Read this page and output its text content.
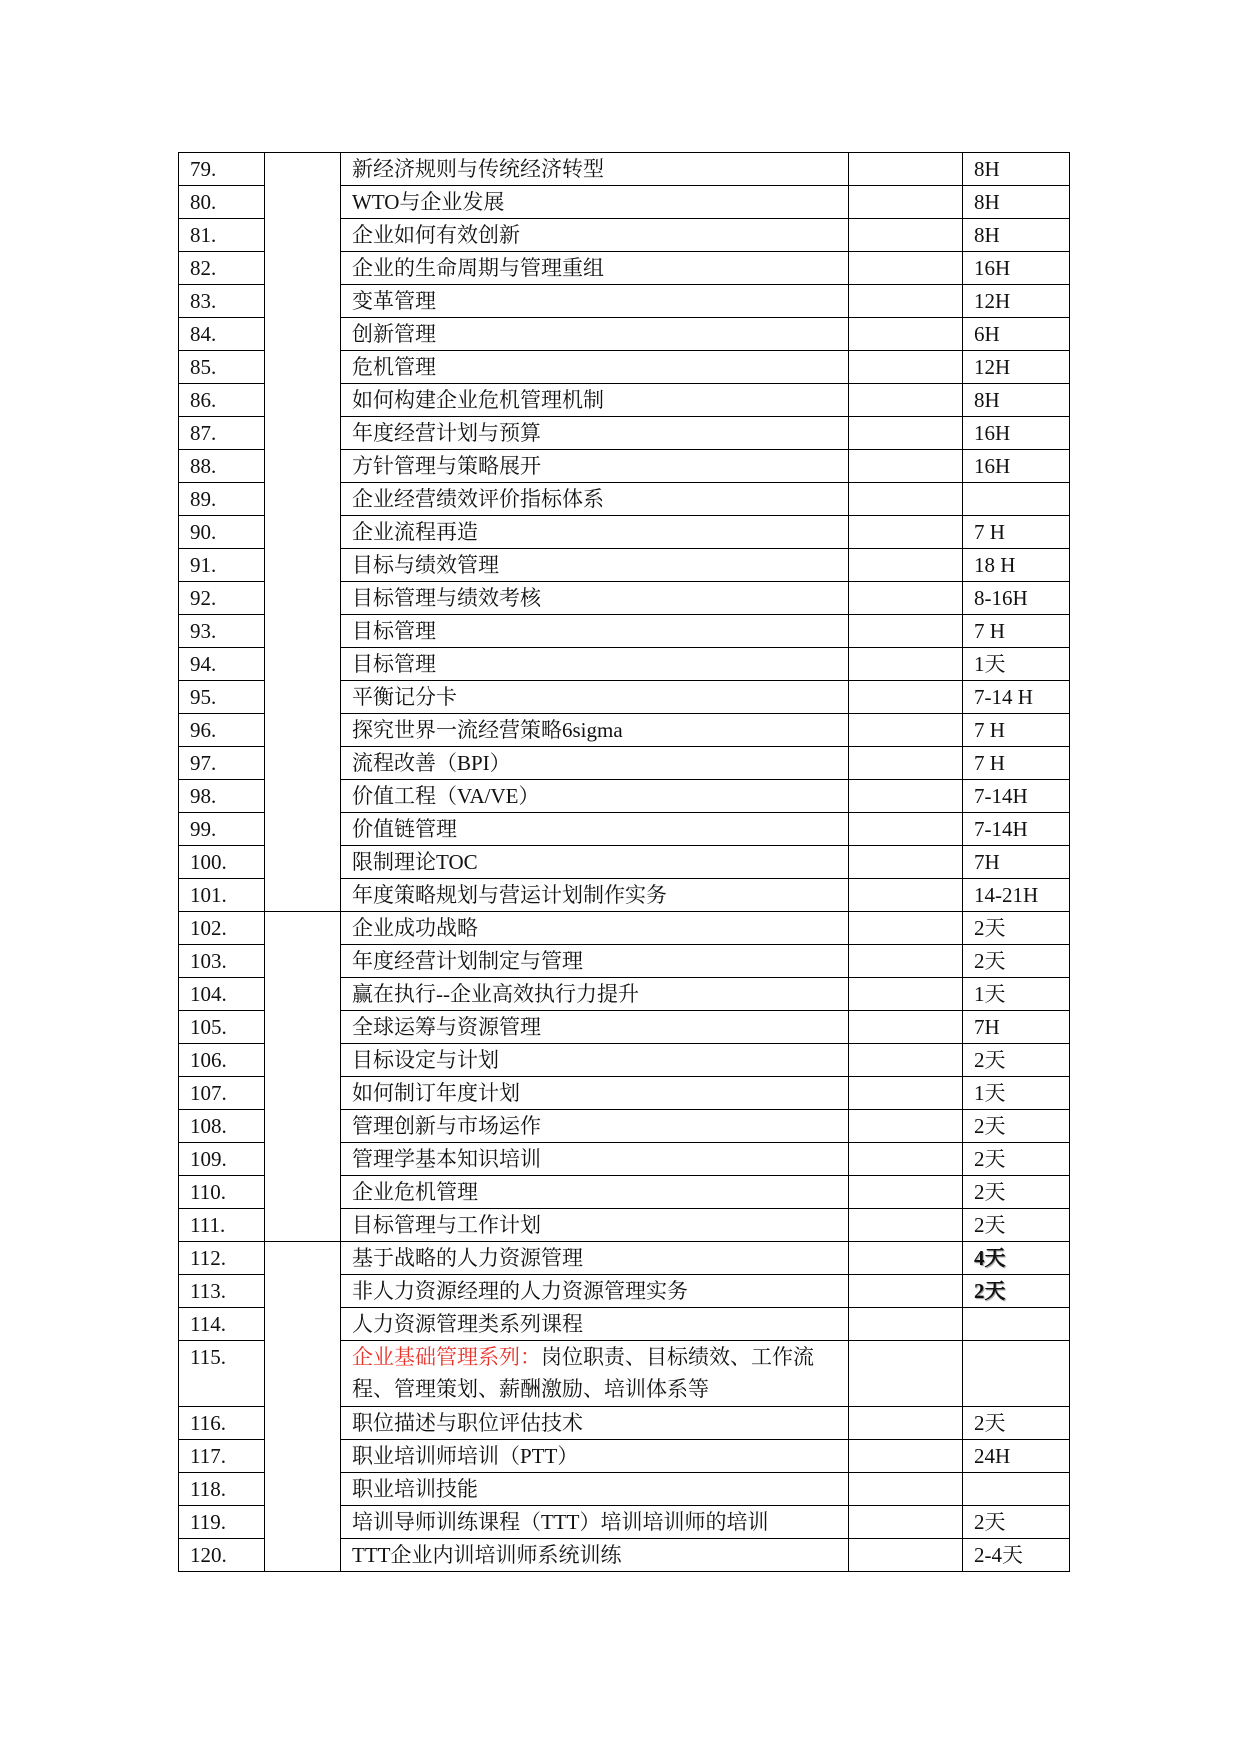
79.		新经济规则与传统经济转型		8H
80.		WTO与企业发展		8H
81.		企业如何有效创新		8H
82.		企业的生命周期与管理重组		16H
83.		变革管理		12H
84.		创新管理		6H
85.		危机管理		12H
86.		如何构建企业危机管理机制		8H
87.		年度经营计划与预算		16H
88.		方针管理与策略展开		16H
89.		企业经营绩效评价指标体系		
90.		企业流程再造		7 H
91.		目标与绩效管理		18 H
92.		目标管理与绩效考核		8-16H
93.		目标管理		7 H
94.		目标管理		1天
95.		平衡记分卡		7-14 H
96.		探究世界一流经营策略6sigma		7 H
97.		流程改善（BPI）		7 H
98.		价值工程（VA/VE）		7-14H
99.		价值链管理		7-14H
100.		限制理论TOC		7H
101.		年度策略规划与营运计划制作实务		14-21H
102.		企业成功战略		2天
103.		年度经营计划制定与管理		2天
104.		赢在执行--企业高效执行力提升		1天
105.		全球运筹与资源管理		7H
106.		目标设定与计划		2天
107.		如何制订年度计划		1天
108.		管理创新与市场运作		2天
109.		管理学基本知识培训		2天
110.		企业危机管理		2天
111.		目标管理与工作计划		2天
112.		基于战略的人力资源管理		4天
113.		非人力资源经理的人力资源管理实务		2天
114.		人力资源管理类系列课程		
115.		企业基础管理系列：岗位职责、目标绩效、工作流程、管理策划、薪酬激励、培训体系等		
116.		职位描述与职位评估技术		2天
117.		职业培训师培训（PTT）		24H
118.		职业培训技能		
119.		培训导师训练课程（TTT）培训培训师的培训		2天
120.		TTT企业内训培训师系统训练		2-4天
